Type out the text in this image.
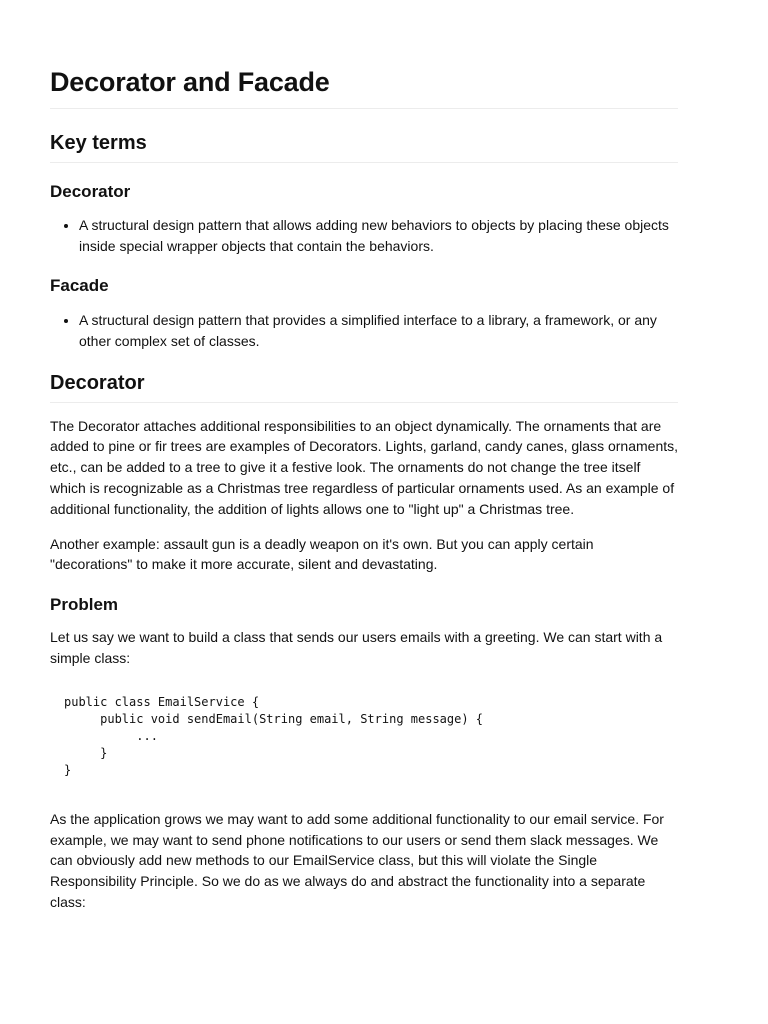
Decorator and Facade
Key terms
Decorator
• A structural design pattern that allows adding new behaviors to objects by placing these objects inside special wrapper objects that contain the behaviors.
Facade
• A structural design pattern that provides a simplified interface to a library, a framework, or any other complex set of classes.
Decorator

The Decorator attaches additional responsibilities to an object dynamically. The ornaments that are added to pine or fir trees are examples of Decorators. Lights, garland, candy canes, glass ornaments, etc., can be added to a tree to give it a festive look. The ornaments do not change the tree itself which is recognizable as a Christmas tree regardless of particular ornaments used. As an example of additional functionality, the addition of lights allows one to "light up" a Christmas tree.

Another example: assault gun is a deadly weapon on it's own. But you can apply certain "decorations" to make it more accurate, silent and devastating.

Problem

Let us say we want to build a class that sends our users emails with a greeting. We can start with a simple class:

public class EmailService {
public void sendEmail(String email, String message) {
...
}
}

As the application grows we may want to add some additional functionality to our email service. For example, we may want to send phone notifications to our users or send them slack messages. We can obviously add new methods to our EmailService class, but this will violate the Single Responsibility Principle. So we do as we always do and abstract the functionality into a separate class:
